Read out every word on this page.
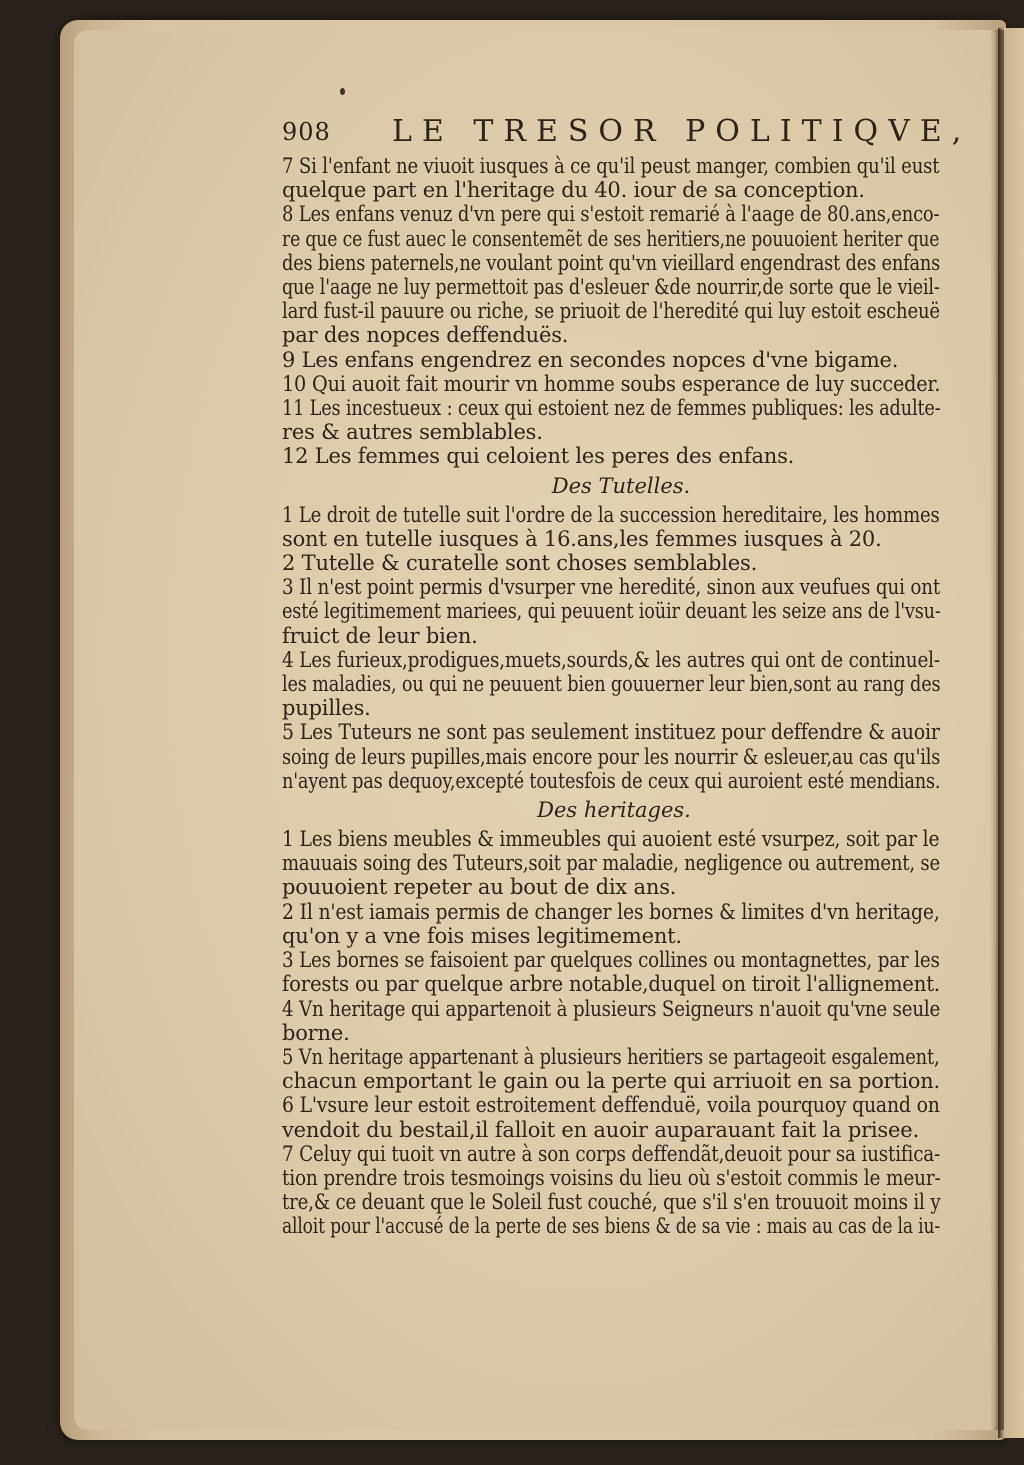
908 LE TRESOR POLITIQVE,
7 Si l'enfant ne viuoit iusques à ce qu'il peust manger, combien qu'il eust
quelque part en l'heritage du 40. iour de sa conception.
8 Les enfans venuz d'vn pere qui s'estoit remarié à l'aage de 80.ans,enco-
re que ce fust auec le consentemẽt de ses heritiers,ne pouuoient heriter que
des biens paternels,ne voulant point qu'vn vieillard engendrast des enfans
que l'aage ne luy permettoit pas d'esleuer &de nourrir,de sorte que le vieil-
lard fust-il pauure ou riche, se priuoit de l'heredité qui luy estoit escheuë
par des nopces deffenduës.
9 Les enfans engendrez en secondes nopces d'vne bigame.
10 Qui auoit fait mourir vn homme soubs esperance de luy succeder.
11 Les incestueux : ceux qui estoient nez de femmes publiques: les adulte-
res & autres semblables.
12 Les femmes qui celoient les peres des enfans.
Des Tutelles.
1 Le droit de tutelle suit l'ordre de la succession hereditaire, les hommes
sont en tutelle iusques à 16.ans,les femmes iusques à 20.
2 Tutelle & curatelle sont choses semblables.
3 Il n'est point permis d'vsurper vne heredité, sinon aux veufues qui ont
esté legitimement mariees, qui peuuent ioüir deuant les seize ans de l'vsu-
fruict de leur bien.
4 Les furieux,prodigues,muets,sourds,& les autres qui ont de continuel-
les maladies, ou qui ne peuuent bien gouuerner leur bien,sont au rang des
pupilles.
5 Les Tuteurs ne sont pas seulement instituez pour deffendre & auoir
soing de leurs pupilles,mais encore pour les nourrir & esleuer,au cas qu'ils
n'ayent pas dequoy,excepté toutesfois de ceux qui auroient esté mendians.
Des heritages.
1 Les biens meubles & immeubles qui auoient esté vsurpez, soit par le
mauuais soing des Tuteurs,soit par maladie, negligence ou autrement, se
pouuoient repeter au bout de dix ans.
2 Il n'est iamais permis de changer les bornes & limites d'vn heritage,
qu'on y a vne fois mises legitimement.
3 Les bornes se faisoient par quelques collines ou montagnettes, par les
forests ou par quelque arbre notable,duquel on tiroit l'allignement.
4 Vn heritage qui appartenoit à plusieurs Seigneurs n'auoit qu'vne seule
borne.
5 Vn heritage appartenant à plusieurs heritiers se partageoit esgalement,
chacun emportant le gain ou la perte qui arriuoit en sa portion.
6 L'vsure leur estoit estroitement deffenduë, voila pourquoy quand on
vendoit du bestail,il falloit en auoir auparauant fait la prisee.
7 Celuy qui tuoit vn autre à son corps deffendãt,deuoit pour sa iustifica-
tion prendre trois tesmoings voisins du lieu où s'estoit commis le meur-
tre,& ce deuant que le Soleil fust couché, que s'il s'en trouuoit moins il y
alloit pour l'accusé de la perte de ses biens & de sa vie : mais au cas de la iu-
